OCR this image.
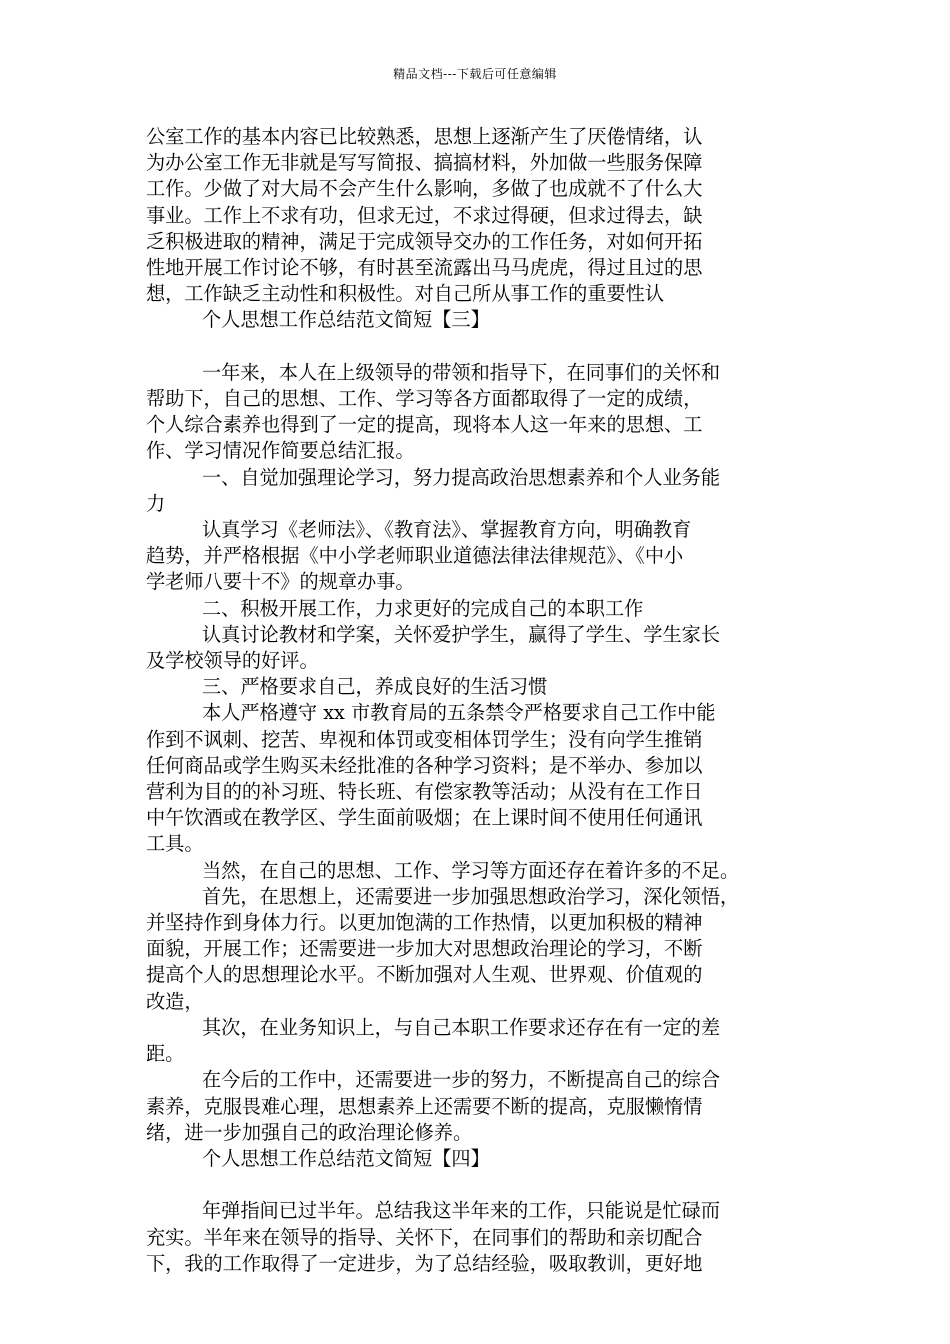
精品文档---下载后可任意编辑

公室工作的基本内容已比较熟悉，思想上逐渐产生了厌倦情绪，认

为办公室工作无非就是写写简报、搞搞材料，外加做一些服务保障

工作。少做了对大局不会产生什么影响，多做了也成就不了什么大

事业。工作上不求有功，但求无过，不求过得硬，但求过得去，缺

乏积极进取的精神，满足于完成领导交办的工作任务，对如何开拓

性地开展工作讨论不够，有时甚至流露出马马虎虎，得过且过的思

想，工作缺乏主动性和积极性。对自己所从事工作的重要性认

个人思想工作总结范文简短【三】

一年来，本人在上级领导的带领和指导下，在同事们的关怀和

帮助下，自己的思想、工作、学习等各方面都取得了一定的成绩，

个人综合素养也得到了一定的提高，现将本人这一年来的思想、工

作、学习情况作简要总结汇报。

一、自觉加强理论学习，努力提高政治思想素养和个人业务能

力

认真学习《老师法》、《教育法》、掌握教育方向，明确教育

趋势，并严格根据《中小学老师职业道德法律法律规范》、《中小

学老师八要十不》的规章办事。

二、积极开展工作，力求更好的完成自己的本职工作

认真讨论教材和学案，关怀爱护学生，赢得了学生、学生家长

及学校领导的好评。

三、严格要求自己，养成良好的生活习惯

本人严格遵守 xx 市教育局的五条禁令严格要求自己工作中能

作到不讽刺、挖苦、卑视和体罚或变相体罚学生；没有向学生推销

任何商品或学生购买未经批准的各种学习资料；是不举办、参加以

营利为目的的补习班、特长班、有偿家教等活动；从没有在工作日

中午饮酒或在教学区、学生面前吸烟；在上课时间不使用任何通讯

工具。

当然，在自己的思想、工作、学习等方面还存在着许多的不足。

首先，在思想上，还需要进一步加强思想政治学习，深化领悟，

并坚持作到身体力行。以更加饱满的工作热情，以更加积极的精神

面貌，开展工作；还需要进一步加大对思想政治理论的学习，不断

提高个人的思想理论水平。不断加强对人生观、世界观、价值观的

改造，

其次，在业务知识上，与自己本职工作要求还存在有一定的差

距。

在今后的工作中，还需要进一步的努力，不断提高自己的综合

素养，克服畏难心理，思想素养上还需要不断的提高，克服懒惰情

绪，进一步加强自己的政治理论修养。

个人思想工作总结范文简短【四】

年弹指间已过半年。总结我这半年来的工作，只能说是忙碌而

充实。半年来在领导的指导、关怀下，在同事们的帮助和亲切配合

下，我的工作取得了一定进步，为了总结经验，吸取教训，更好地
